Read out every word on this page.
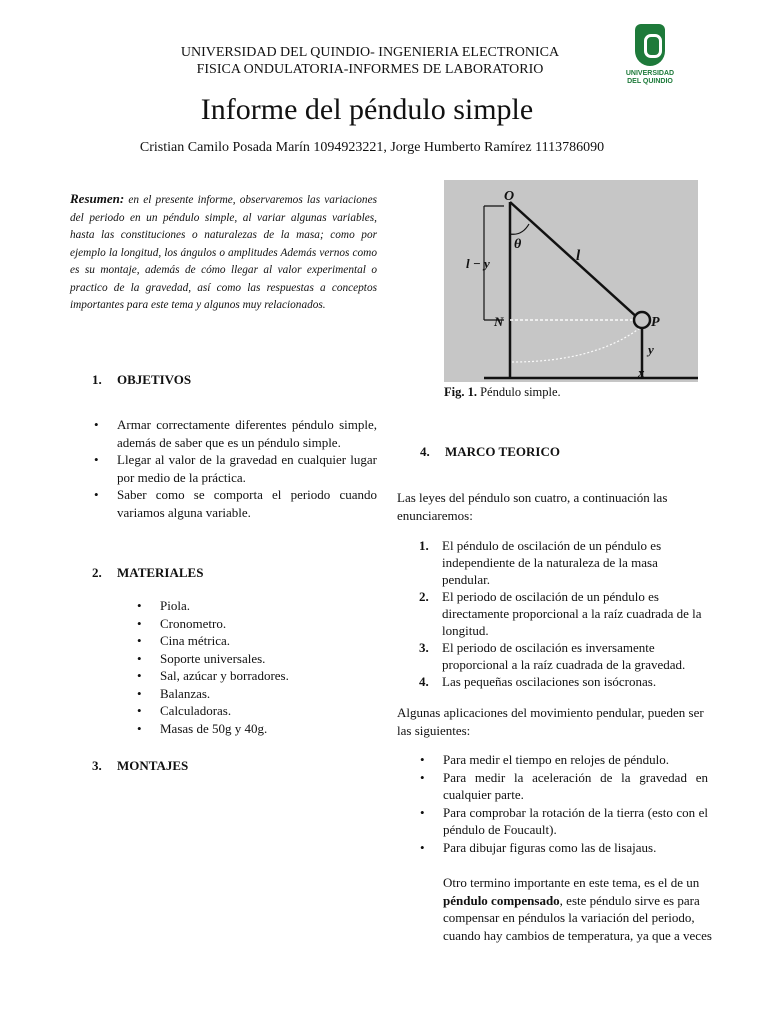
UNIVERSIDAD DEL QUINDIO- INGENIERIA ELECTRONICA
FISICA ONDULATORIA-INFORMES DE LABORATORIO	UNIVERSIDAD
DEL QUINDIO
Informe del péndulo simple
Cristian Camilo Posada Marín 1094923221, Jorge Humberto Ramírez 1113786090
Resumen: en el presente informe, observaremos las variaciones del periodo en un péndulo simple, al variar algunas variables, hasta las constituciones o naturalezas de la masa; como por ejemplo la longitud, los ángulos o amplitudes Además vernos como es su montaje, además de cómo llegar al valor experimental o practico de la gravedad, así como las respuestas a conceptos importantes para este tema y algunos muy relacionados.
1. OBJETIVOS
• Armar correctamente diferentes péndulo simple, además de saber que es un péndulo simple.
• Llegar al valor de la gravedad en cualquier lugar por medio de la práctica.
• Saber como se comporta el periodo cuando variamos alguna variable.
2. MATERIALES
• Piola.
• Cronometro.
• Cina métrica.
• Soporte universales.
• Sal, azúcar y borradores.
• Balanzas.
• Calculadoras.
• Masas de 50g y 40g.
3. MONTAJES
O
θ
l
l − y
N	P
y
x
Fig. 1. Péndulo simple.
4. MARCO TEORICO
Las leyes del péndulo son cuatro, a continuación las enunciaremos:
1. El péndulo de oscilación de un péndulo es independiente de la naturaleza de la masa pendular.
2. El periodo de oscilación de un péndulo es directamente proporcional a la raíz cuadrada de la longitud.
3. El periodo de oscilación es inversamente proporcional a la raíz cuadrada de la gravedad.
4. Las pequeñas oscilaciones son isócronas.
Algunas aplicaciones del movimiento pendular, pueden ser las siguientes:
• Para medir el tiempo en relojes de péndulo.
• Para medir la aceleración de la gravedad en cualquier parte.
• Para comprobar la rotación de la tierra (esto con el péndulo de Foucault).
• Para dibujar figuras como las de lisajaus.
Otro termino importante en este tema, es el de un péndulo compensado, este péndulo sirve es para compensar en péndulos la variación del periodo, cuando hay cambios de temperatura, ya que a veces
